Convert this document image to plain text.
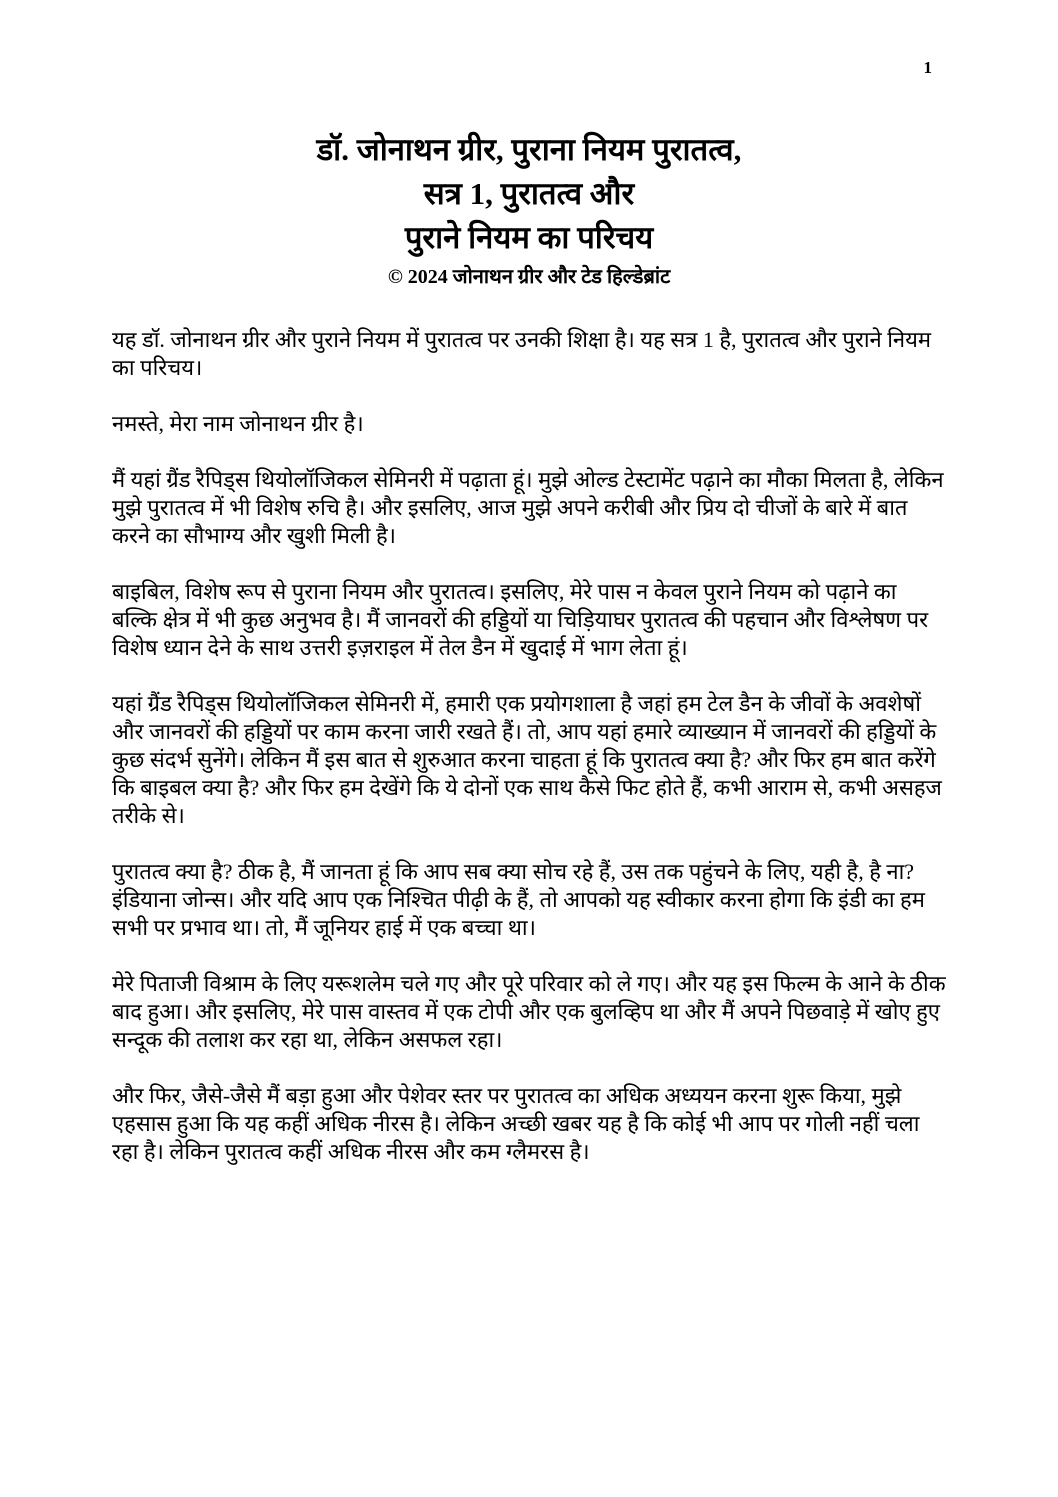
1
डॉ. जोनाथन ग्रीर, पुराना नियम पुरातत्व,
सत्र 1, पुरातत्व और
पुराने नियम का परिचय
© 2024 जोनाथन ग्रीर और टेड हिल्डेब्रांट

यह डॉ. जोनाथन ग्रीर और पुराने नियम में पुरातत्व पर उनकी शिक्षा है। यह सत्र 1 है, पुरातत्व और पुराने नियम का परिचय।

नमस्ते, मेरा नाम जोनाथन ग्रीर है।

मैं यहां ग्रैंड रैपिड्स थियोलॉजिकल सेमिनरी में पढ़ाता हूं। मुझे ओल्ड टेस्टामेंट पढ़ाने का मौका मिलता है, लेकिन मुझे पुरातत्व में भी विशेष रुचि है। और इसलिए, आज मुझे अपने करीबी और प्रिय दो चीजों के बारे में बात करने का सौभाग्य और खुशी मिली है।

बाइबिल, विशेष रूप से पुराना नियम और पुरातत्व। इसलिए, मेरे पास न केवल पुराने नियम को पढ़ाने का बल्कि क्षेत्र में भी कुछ अनुभव है। मैं जानवरों की हड्डियों या चिड़ियाघर पुरातत्व की पहचान और विश्लेषण पर विशेष ध्यान देने के साथ उत्तरी इज़राइल में तेल डैन में खुदाई में भाग लेता हूं।

यहां ग्रैंड रैपिड्स थियोलॉजिकल सेमिनरी में, हमारी एक प्रयोगशाला है जहां हम टेल डैन के जीवों के अवशेषों और जानवरों की हड्डियों पर काम करना जारी रखते हैं। तो, आप यहां हमारे व्याख्यान में जानवरों की हड्डियों के कुछ संदर्भ सुनेंगे। लेकिन मैं इस बात से शुरुआत करना चाहता हूं कि पुरातत्व क्या है? और फिर हम बात करेंगे कि बाइबल क्या है? और फिर हम देखेंगे कि ये दोनों एक साथ कैसे फिट होते हैं, कभी आराम से, कभी असहज तरीके से।

पुरातत्व क्या है? ठीक है, मैं जानता हूं कि आप सब क्या सोच रहे हैं, उस तक पहुंचने के लिए, यही है, है ना? इंडियाना जोन्स। और यदि आप एक निश्चित पीढ़ी के हैं, तो आपको यह स्वीकार करना होगा कि इंडी का हम सभी पर प्रभाव था। तो, मैं जूनियर हाई में एक बच्चा था।

मेरे पिताजी विश्राम के लिए यरूशलेम चले गए और पूरे परिवार को ले गए। और यह इस फिल्म के आने के ठीक बाद हुआ। और इसलिए, मेरे पास वास्तव में एक टोपी और एक बुलव्हिप था और मैं अपने पिछवाड़े में खोए हुए सन्दूक की तलाश कर रहा था, लेकिन असफल रहा।

और फिर, जैसे-जैसे मैं बड़ा हुआ और पेशेवर स्तर पर पुरातत्व का अधिक अध्ययन करना शुरू किया, मुझे एहसास हुआ कि यह कहीं अधिक नीरस है। लेकिन अच्छी खबर यह है कि कोई भी आप पर गोली नहीं चला रहा है। लेकिन पुरातत्व कहीं अधिक नीरस और कम ग्लैमरस है।
